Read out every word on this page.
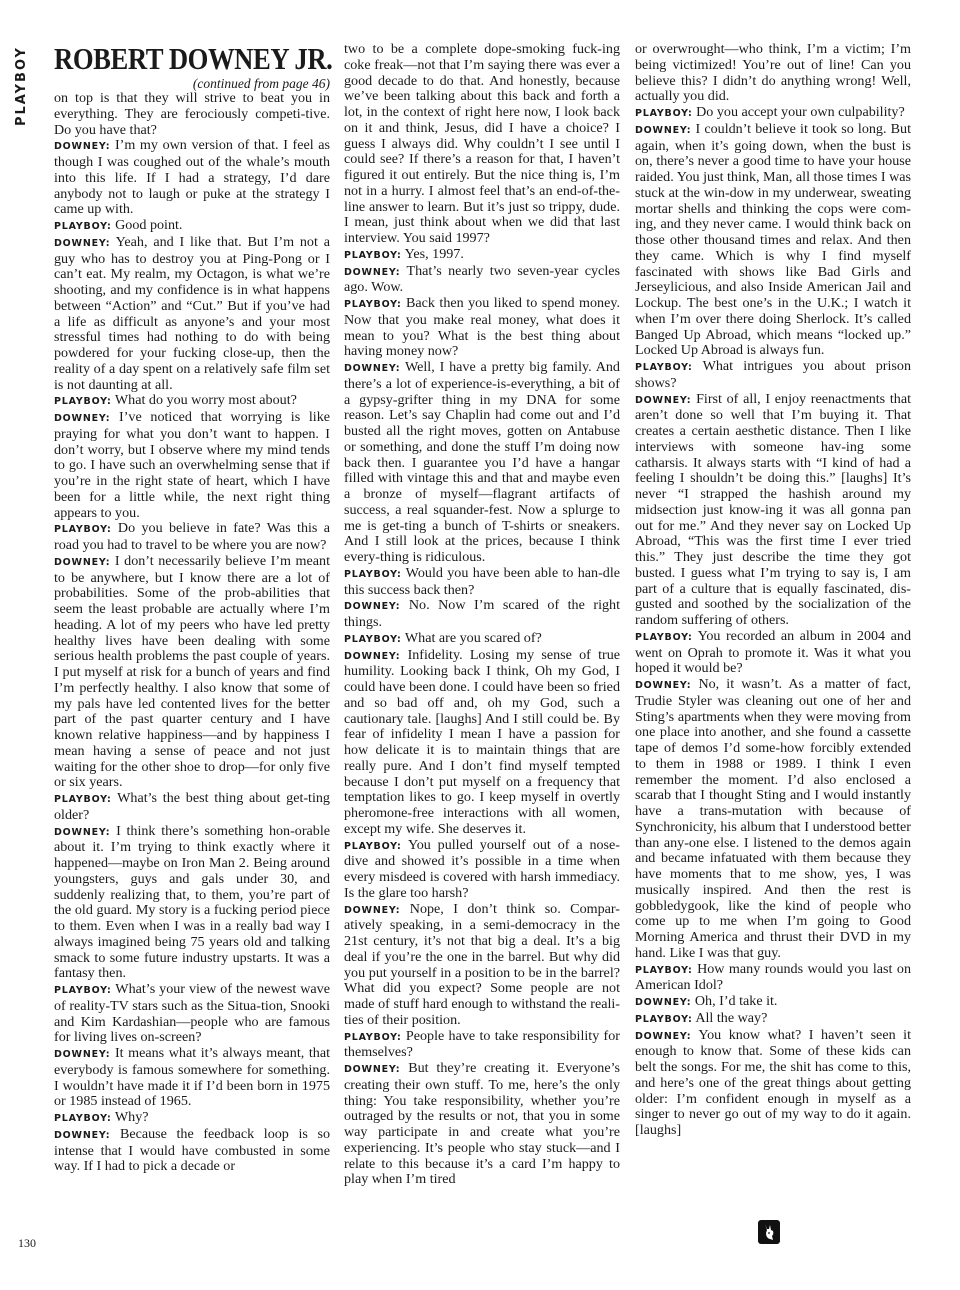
PLAYBOY
130
ROBERT DOWNEY JR.

(continued from page 46)

on top is that they will strive to beat you in everything. They are ferociously competi-tive. Do you have that?

DOWNEY: I’m my own version of that. I feel as though I was coughed out of the whale’s mouth into this life. If I had a strategy, I’d dare anybody not to laugh or puke at the strategy I came up with.

PLAYBOY: Good point.

DOWNEY: Yeah, and I like that. But I’m not a guy who has to destroy you at Ping-Pong or I can’t eat. My realm, my Octagon, is what we’re shooting, and my confidence is in what happens between “Action” and “Cut.” But if you’ve had a life as difficult as anyone’s and your most stressful times had nothing to do with being powdered for your fucking close-up, then the reality of a day spent on a relatively safe film set is not daunting at all.

PLAYBOY: What do you worry most about?

DOWNEY: I’ve noticed that worrying is like praying for what you don’t want to happen. I don’t worry, but I observe where my mind tends to go. I have such an overwhelming sense that if you’re in the right state of heart, which I have been for a little while, the next right thing appears to you.

PLAYBOY: Do you believe in fate? Was this a road you had to travel to be where you are now?

DOWNEY: I don’t necessarily believe I’m meant to be anywhere, but I know there are a lot of probabilities. Some of the prob-abilities that seem the least probable are actually where I’m heading. A lot of my peers who have led pretty healthy lives have been dealing with some serious health problems the past couple of years. I put myself at risk for a bunch of years and find I’m perfectly healthy. I also know that some of my pals have led contented lives for the better part of the past quarter century and I have known relative happiness—and by happiness I mean having a sense of peace and not just waiting for the other shoe to drop—for only five or six years.

PLAYBOY: What’s the best thing about get-ting older?

DOWNEY: I think there’s something hon-orable about it. I’m trying to think exactly where it happened—maybe on Iron Man 2. Being around youngsters, guys and gals under 30, and suddenly realizing that, to them, you’re part of the old guard. My story is a fucking period piece to them. Even when I was in a really bad way I always imagined being 75 years old and talking smack to some future industry upstarts. It was a fantasy then.

PLAYBOY: What’s your view of the newest wave of reality-TV stars such as the Situa-tion, Snooki and Kim Kardashian—people who are famous for living lives on-screen?

DOWNEY: It means what it’s always meant, that everybody is famous somewhere for something. I wouldn’t have made it if I’d been born in 1975 or 1985 instead of 1965.

PLAYBOY: Why?

DOWNEY: Because the feedback loop is so intense that I would have combusted in some way. If I had to pick a decade or

two to be a complete dope-smoking fuck-ing coke freak—not that I’m saying there was ever a good decade to do that. And honestly, because we’ve been talking about this back and forth a lot, in the context of right here now, I look back on it and think, Jesus, did I have a choice? I guess I always did. Why couldn’t I see until I could see? If there’s a reason for that, I haven’t figured it out entirely. But the nice thing is, I’m not in a hurry. I almost feel that’s an end-of-the-line answer to learn. But it’s just so trippy, dude. I mean, just think about when we did that last interview. You said 1997?

PLAYBOY: Yes, 1997.

DOWNEY: That’s nearly two seven-year cycles ago. Wow.

PLAYBOY: Back then you liked to spend money. Now that you make real money, what does it mean to you? What is the best thing about having money now?

DOWNEY: Well, I have a pretty big family. And there’s a lot of experience-is-everything, a bit of a gypsy-grifter thing in my DNA for some reason. Let’s say Chaplin had come out and I’d busted all the right moves, gotten on Antabuse or something, and done the stuff I’m doing now back then. I guarantee you I’d have a hangar filled with vintage this and that and maybe even a bronze of myself—flagrant artifacts of success, a real squander-fest. Now a splurge to me is get-ting a bunch of T-shirts or sneakers. And I still look at the prices, because I think every-thing is ridiculous.

PLAYBOY: Would you have been able to han-dle this success back then?

DOWNEY: No. Now I’m scared of the right things.

PLAYBOY: What are you scared of?

DOWNEY: Infidelity. Losing my sense of true humility. Looking back I think, Oh my God, I could have been done. I could have been so fried and so bad off and, oh my God, such a cautionary tale. [laughs] And I still could be. By fear of infidelity I mean I have a passion for how delicate it is to maintain things that are really pure. And I don’t find myself tempted because I don’t put myself on a frequency that temptation likes to go. I keep myself in overtly pheromone-free interactions with all women, except my wife. She deserves it.

PLAYBOY: You pulled yourself out of a nose-dive and showed it’s possible in a time when every misdeed is covered with harsh immediacy. Is the glare too harsh?

DOWNEY: Nope, I don’t think so. Compar-atively speaking, in a semi-democracy in the 21st century, it’s not that big a deal. It’s a big deal if you’re the one in the barrel. But why did you put yourself in a position to be in the barrel? What did you expect? Some people are not made of stuff hard enough to withstand the reali-ties of their position.

PLAYBOY: People have to take responsibility for themselves?

DOWNEY: But they’re creating it. Everyone’s creating their own stuff. To me, here’s the only thing: You take responsibility, whether you’re outraged by the results or not, that you in some way participate in and create what you’re experiencing. It’s people who stay stuck—and I relate to this because it’s a card I’m happy to play when I’m tired

or overwrought—who think, I’m a victim; I’m being victimized! You’re out of line! Can you believe this? I didn’t do anything wrong! Well, actually you did.

PLAYBOY: Do you accept your own culpability?

DOWNEY: I couldn’t believe it took so long. But again, when it’s going down, when the bust is on, there’s never a good time to have your house raided. You just think, Man, all those times I was stuck at the win-dow in my underwear, sweating mortar shells and thinking the cops were com-ing, and they never came. I would think back on those other thousand times and relax. And then they came. Which is why I find myself fascinated with shows like Bad Girls and Jerseylicious, and also Inside American Jail and Lockup. The best one’s in the U.K.; I watch it when I’m over there doing Sherlock. It’s called Banged Up Abroad, which means “locked up.” Locked Up Abroad is always fun.

PLAYBOY: What intrigues you about prison shows?

DOWNEY: First of all, I enjoy reenactments that aren’t done so well that I’m buying it. That creates a certain aesthetic distance. Then I like interviews with someone hav-ing some catharsis. It always starts with “I kind of had a feeling I shouldn’t be doing this.” [laughs] It’s never “I strapped the hashish around my midsection just know-ing it was all gonna pan out for me.” And they never say on Locked Up Abroad, “This was the first time I ever tried this.” They just describe the time they got busted. I guess what I’m trying to say is, I am part of a culture that is equally fascinated, dis-gusted and soothed by the socialization of the random suffering of others.

PLAYBOY: You recorded an album in 2004 and went on Oprah to promote it. Was it what you hoped it would be?

DOWNEY: No, it wasn’t. As a matter of fact, Trudie Styler was cleaning out one of her and Sting’s apartments when they were moving from one place into another, and she found a cassette tape of demos I’d some-how forcibly extended to them in 1988 or 1989. I think I even remember the moment. I’d also enclosed a scarab that I thought Sting and I would instantly have a trans-mutation with because of Synchronicity, his album that I understood better than any-one else. I listened to the demos again and became infatuated with them because they have moments that to me show, yes, I was musically inspired. And then the rest is gobbledygook, like the kind of people who come up to me when I’m going to Good Morning America and thrust their DVD in my hand. Like I was that guy.

PLAYBOY: How many rounds would you last on American Idol?

DOWNEY: Oh, I’d take it.

PLAYBOY: All the way?

DOWNEY: You know what? I haven’t seen it enough to know that. Some of these kids can belt the songs. For me, the shit has come to this, and here’s one of the great things about getting older: I’m confident enough in myself as a singer to never go out of my way to do it again. [laughs]
